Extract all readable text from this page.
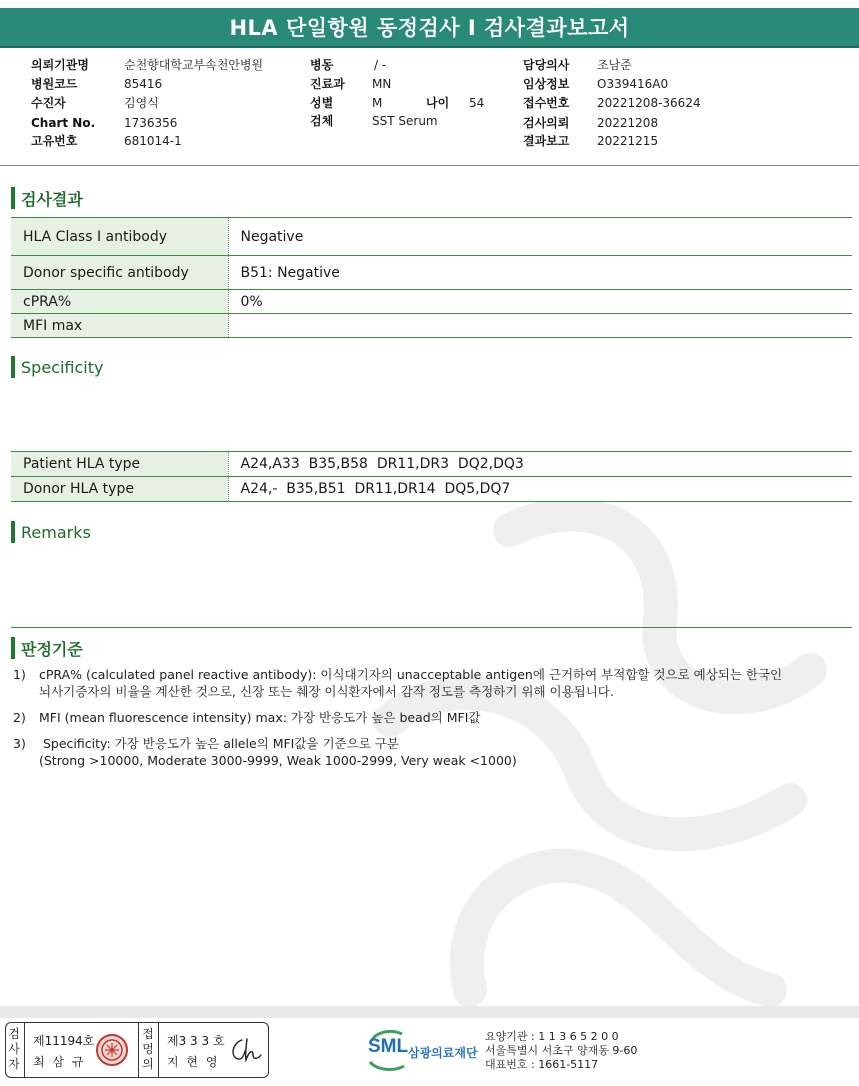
HLA 단일항원 동정검사 I 검사결과보고서
의뢰기관명	순천향대학교부속천안병원
병원코드	85416
수진자	김영식
Chart No. 1736356
고유번호	681014-1
병동	/ -
진료과 MN
성별	M	나이 54
검체	SST Serum
담당의사 조남준
임상정보 O339416A0
접수번호 20221208-36624
검사의뢰 20221208
결과보고 20221215
검사결과
HLA Class I antibody	Negative
Donor specific antibody	B51: Negative
cPRA%	0%
MFI max	
Specificity
Patient HLA type	A24,A33  B35,B58  DR11,DR3  DQ2,DQ3
Donor HLA type	A24,-  B35,B51  DR11,DR14  DQ5,DQ7
Remarks
판정기준
1) cPRA% (calculated panel reactive antibody): 이식대기자의 unacceptable antigen에 근거하여 부적합할 것으로 예상되는 한국인
뇌사기증자의 비율을 계산한 것으로, 신장 또는 췌장 이식환자에서 감작 정도를 측정하기 위해 이용됩니다.
2) MFI (mean fluorescence intensity) max: 가장 반응도가 높은 bead의 MFI값
3) Specificity: 가장 반응도가 높은 allele의 MFI값을 기준으로 구분
(Strong >10000, Moderate 3000-9999, Weak 1000-2999, Very weak <1000)
검사자
제11194호
최 삼 규
접멍의
제3 3 3 호
지 현 영
SML 삼광의료재단
요양기관 : 1 1 3 6 5 2 0 0
서울특별시 서초구 양재동 9-60
대표번호 : 1661-5117
